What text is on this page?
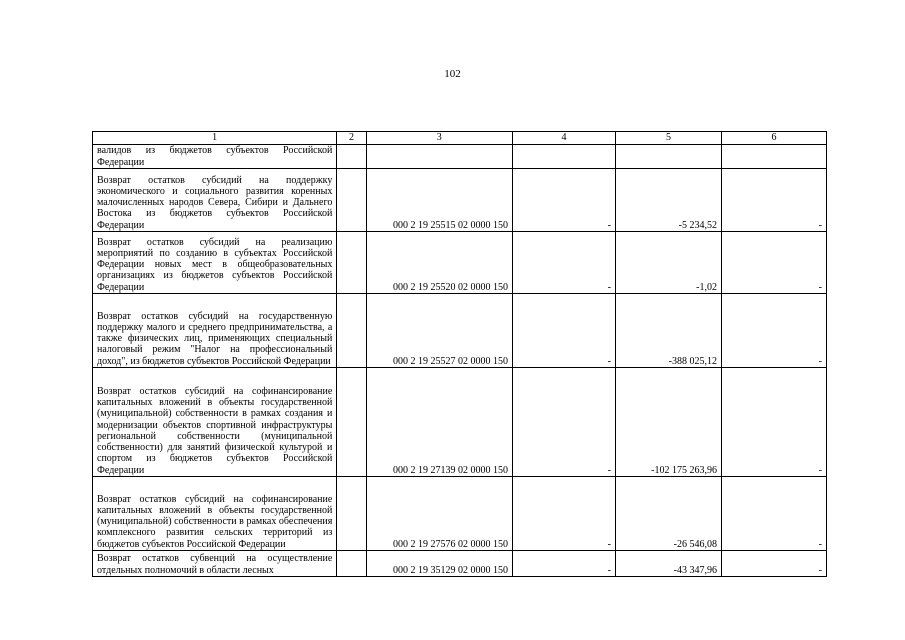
102
1	2	3	4	5	6
валидов из бюджетов субъектов Российской Федерации					
Возврат остатков субсидий на поддержку экономического и социального развития коренных малочисленных народов Севера, Сибири и Дальнего Востока из бюджетов субъектов Российской Федерации		000 2 19 25515 02 0000 150	-	-5 234,52	-
Возврат остатков субсидий на реализацию мероприятий по созданию в субъектах Российской Федерации новых мест в общеобразовательных организациях из бюджетов субъектов Российской Федерации		000 2 19 25520 02 0000 150	-	-1,02	-
Возврат остатков субсидий на государственную поддержку малого и среднего предпринимательства, а также физических лиц, применяющих специальный налоговый режим "Налог на профессиональный доход", из бюджетов субъектов Российской Федерации		000 2 19 25527 02 0000 150	-	-388 025,12	-
Возврат остатков субсидий на софинансирование капитальных вложений в объекты государственной (муниципальной) собственности в рамках создания и модернизации объектов спортивной инфраструктуры региональной собственности (муниципальной собственности) для занятий физической культурой и спортом из бюджетов субъектов Российской Федерации		000 2 19 27139 02 0000 150	-	-102 175 263,96	-
Возврат остатков субсидий на софинансирование капитальных вложений в объекты государственной (муниципальной) собственности в рамках обеспечения комплексного развития сельских территорий из бюджетов субъектов Российской Федерации		000 2 19 27576 02 0000 150	-	-26 546,08	-
Возврат остатков субвенций на осуществление отдельных полномочий в области лесных		000 2 19 35129 02 0000 150	-	-43 347,96	-
